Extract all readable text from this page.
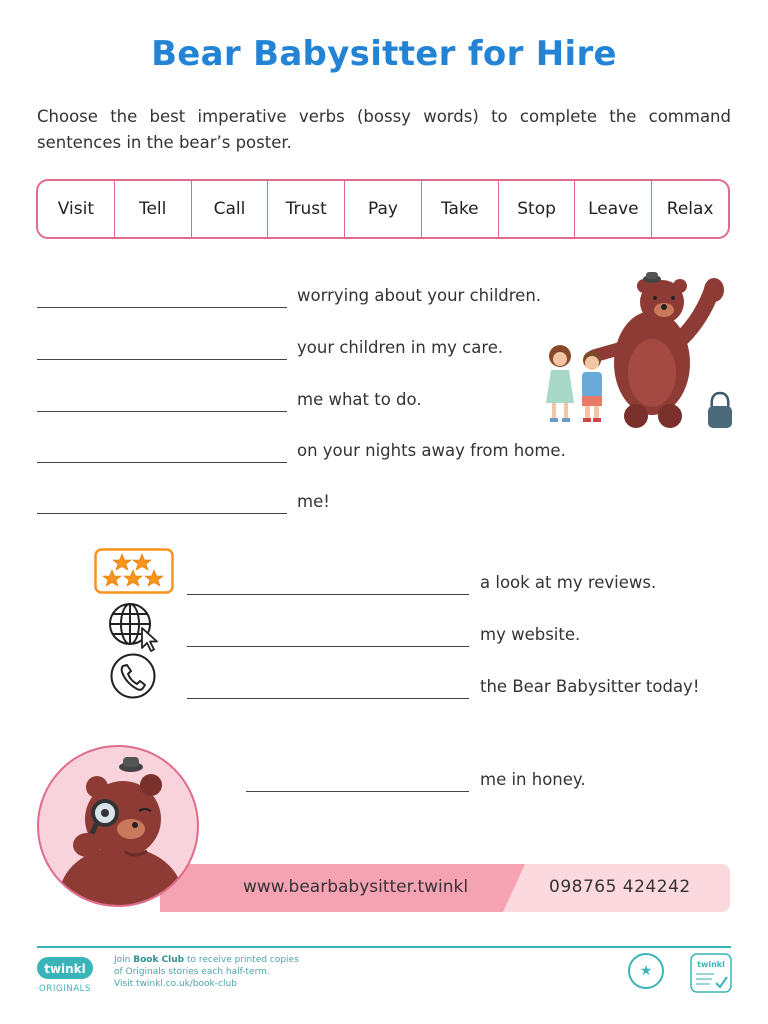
Bear Babysitter for Hire
Choose the best imperative verbs (bossy words) to complete the command sentences in the bear’s poster.
Visit	Tell	Call	Trust	Pay	Take	Stop	Leave	Relax
worrying about your children.
your children in my care.
me what to do.
on your nights away from home.
me!
a look at my reviews.
my website.
the Bear Babysitter today!
me in honey.
www.bearbabysitter.twinkl	098765 424242
twinkl
ORIGINALS
Join Book Club to receive printed copies
of Originals stories each half-term.
Visit twinkl.co.uk/book-club
★	twinkl
